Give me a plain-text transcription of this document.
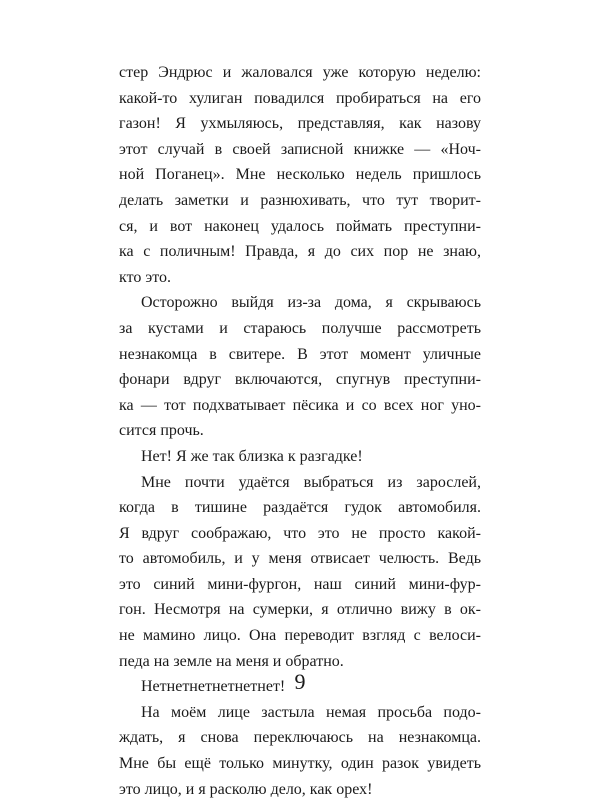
стер Эндрюс и жаловался уже которую неделю:
какой-то хулиган повадился пробираться на его
газон! Я ухмыляюсь, представляя, как назову
этот случай в своей записной книжке — «Ноч-
ной Поганец». Мне несколько недель пришлось
делать заметки и разнюхивать, что тут творит-
ся, и вот наконец удалось поймать преступни-
ка с поличным! Правда, я до сих пор не знаю,
кто это.
Осторожно выйдя из-за дома, я скрываюсь
за кустами и стараюсь получше рассмотреть
незнакомца в свитере. В этот момент уличные
фонари вдруг включаются, спугнув преступни-
ка — тот подхватывает пёсика и со всех ног уно-
сится прочь.
Нет! Я же так близка к разгадке!
Мне почти удаётся выбраться из зарослей,
когда в тишине раздаётся гудок автомобиля.
Я вдруг соображаю, что это не просто какой-
то автомобиль, и у меня отвисает челюсть. Ведь
это синий мини-фургон, наш синий мини-фур-
гон. Несмотря на сумерки, я отлично вижу в ок-
не мамино лицо. Она переводит взгляд с велоси-
педа на земле на меня и обратно.
Нетнетнетнетнетнет!
На моём лице застыла немая просьба подо-
ждать, я снова переключаюсь на незнакомца.
Мне бы ещё только минутку, один разок увидеть
это лицо, и я расколю дело, как орех!
9
